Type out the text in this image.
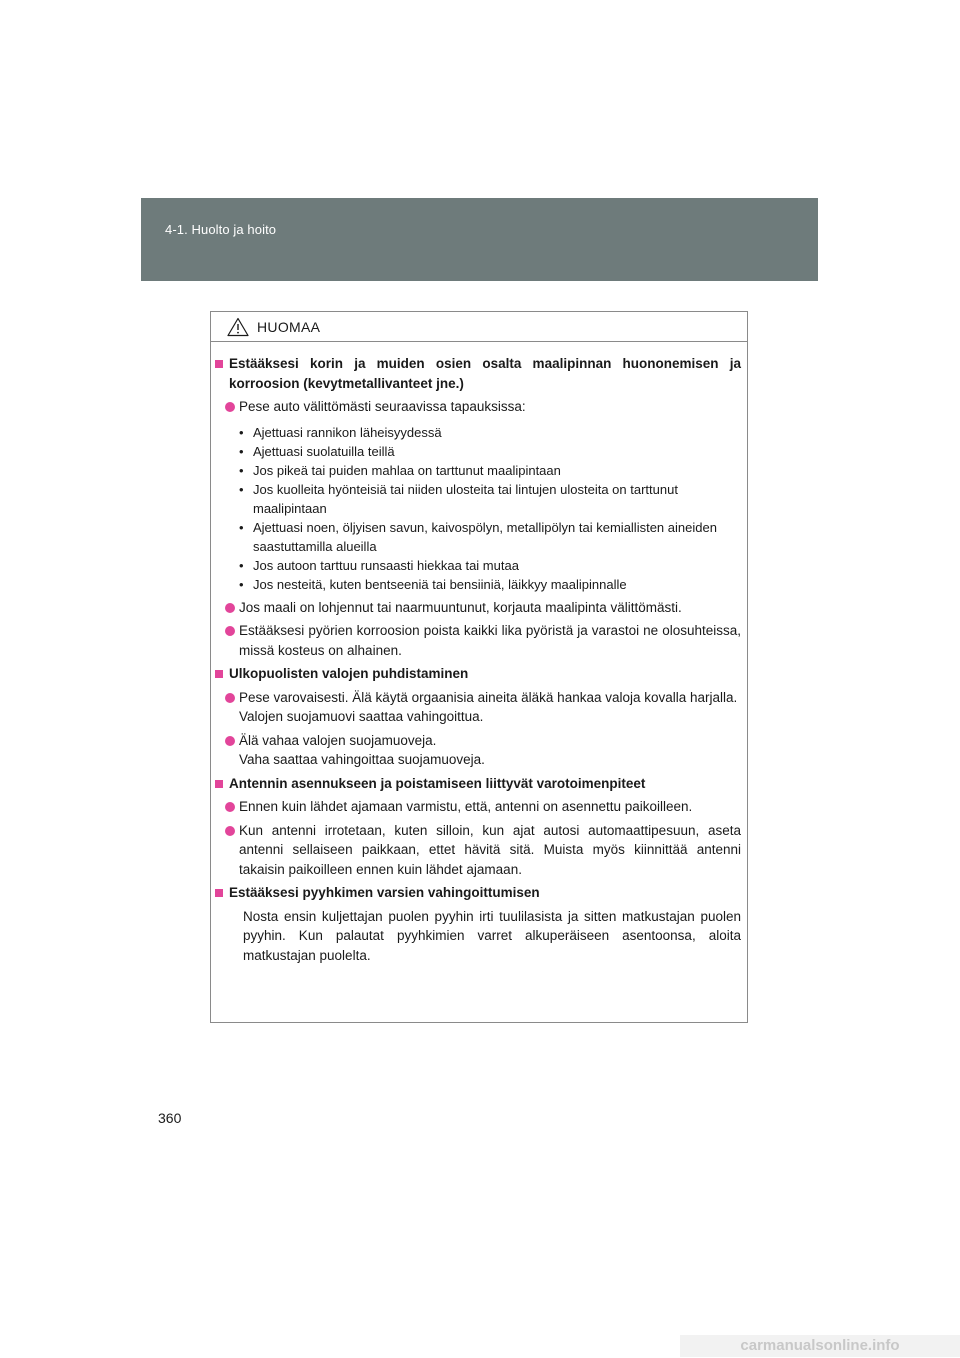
4-1. Huolto ja hoito
HUOMAA
Estääksesi korin ja muiden osien osalta maalipinnan huononemisen ja korroosion (kevytmetallivanteet jne.)
Pese auto välittömästi seuraavissa tapauksissa:
• Ajettuasi rannikon läheisyydessä
• Ajettuasi suolatuilla teillä
• Jos pikeä tai puiden mahlaa on tarttunut maalipintaan
• Jos kuolleita hyönteisiä tai niiden ulosteita tai lintujen ulosteita on tarttunut maalipintaan
• Ajettuasi noen, öljyisen savun, kaivospölyn, metallipölyn tai kemiallisten aineiden saastuttamilla alueilla
• Jos autoon tarttuu runsaasti hiekkaa tai mutaa
• Jos nesteitä, kuten bentseeniä tai bensiiniä, läikkyy maalipinnalle
Jos maali on lohjennut tai naarmuuntunut, korjauta maalipinta välittömästi.
Estääksesi pyörien korroosion poista kaikki lika pyöristä ja varastoi ne olosuhteissa, missä kosteus on alhainen.
Ulkopuolisten valojen puhdistaminen
Pese varovaisesti. Älä käytä orgaanisia aineita äläkä hankaa valoja kovalla harjalla.
Valojen suojamuovi saattaa vahingoittua.
Älä vahaa valojen suojamuoveja.
Vaha saattaa vahingoittaa suojamuoveja.
Antennin asennukseen ja poistamiseen liittyvät varotoimenpiteet
Ennen kuin lähdet ajamaan varmistu, että, antenni on asennettu paikoilleen.
Kun antenni irrotetaan, kuten silloin, kun ajat autosi automaattipesuun, aseta antenni sellaiseen paikkaan, ettet hävitä sitä. Muista myös kiinnittää antenni takaisin paikoilleen ennen kuin lähdet ajamaan.
Estääksesi pyyhkimen varsien vahingoittumisen
Nosta ensin kuljettajan puolen pyyhin irti tuulilasista ja sitten matkustajan puolen pyyhin. Kun palautat pyyhkimien varret alkuperäiseen asentoonsa, aloita matkustajan puolelta.
360
carmanualsonline.info
